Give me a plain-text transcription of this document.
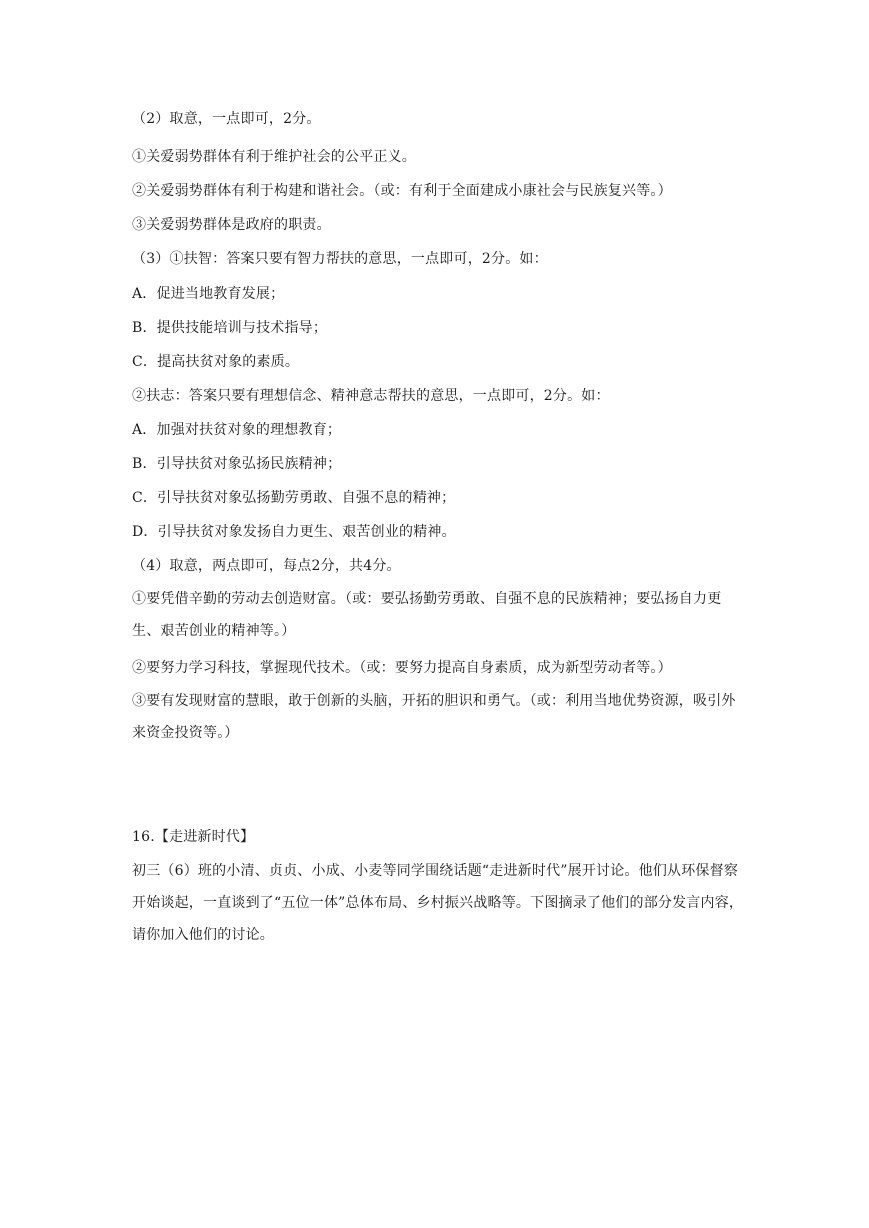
（2）取意，一点即可，2分。
①关爱弱势群体有利于维护社会的公平正义。
②关爱弱势群体有利于构建和谐社会。（或：有利于全面建成小康社会与民族复兴等。）
③关爱弱势群体是政府的职责。
（3）①扶智：答案只要有智力帮扶的意思，一点即可，2分。如：
A．促进当地教育发展；
B．提供技能培训与技术指导；
C．提高扶贫对象的素质。
②扶志：答案只要有理想信念、精神意志帮扶的意思，一点即可，2分。如：
A．加强对扶贫对象的理想教育；
B．引导扶贫对象弘扬民族精神；
C．引导扶贫对象弘扬勤劳勇敢、自强不息的精神；
D．引导扶贫对象发扬自力更生、艰苦创业的精神。
（4）取意，两点即可，每点2分，共4分。
①要凭借辛勤的劳动去创造财富。（或：要弘扬勤劳勇敢、自强不息的民族精神；要弘扬自力更生、艰苦创业的精神等。）
②要努力学习科技，掌握现代技术。（或：要努力提高自身素质，成为新型劳动者等。）
③要有发现财富的慧眼，敢于创新的头脑，开拓的胆识和勇气。（或：利用当地优势资源，吸引外来资金投资等。）
16.【走进新时代】
初三（6）班的小清、贞贞、小成、小麦等同学围绕话题“走进新时代”展开讨论。他们从环保督察开始谈起，一直谈到了“五位一体”总体布局、乡村振兴战略等。下图摘录了他们的部分发言内容，请你加入他们的讨论。
